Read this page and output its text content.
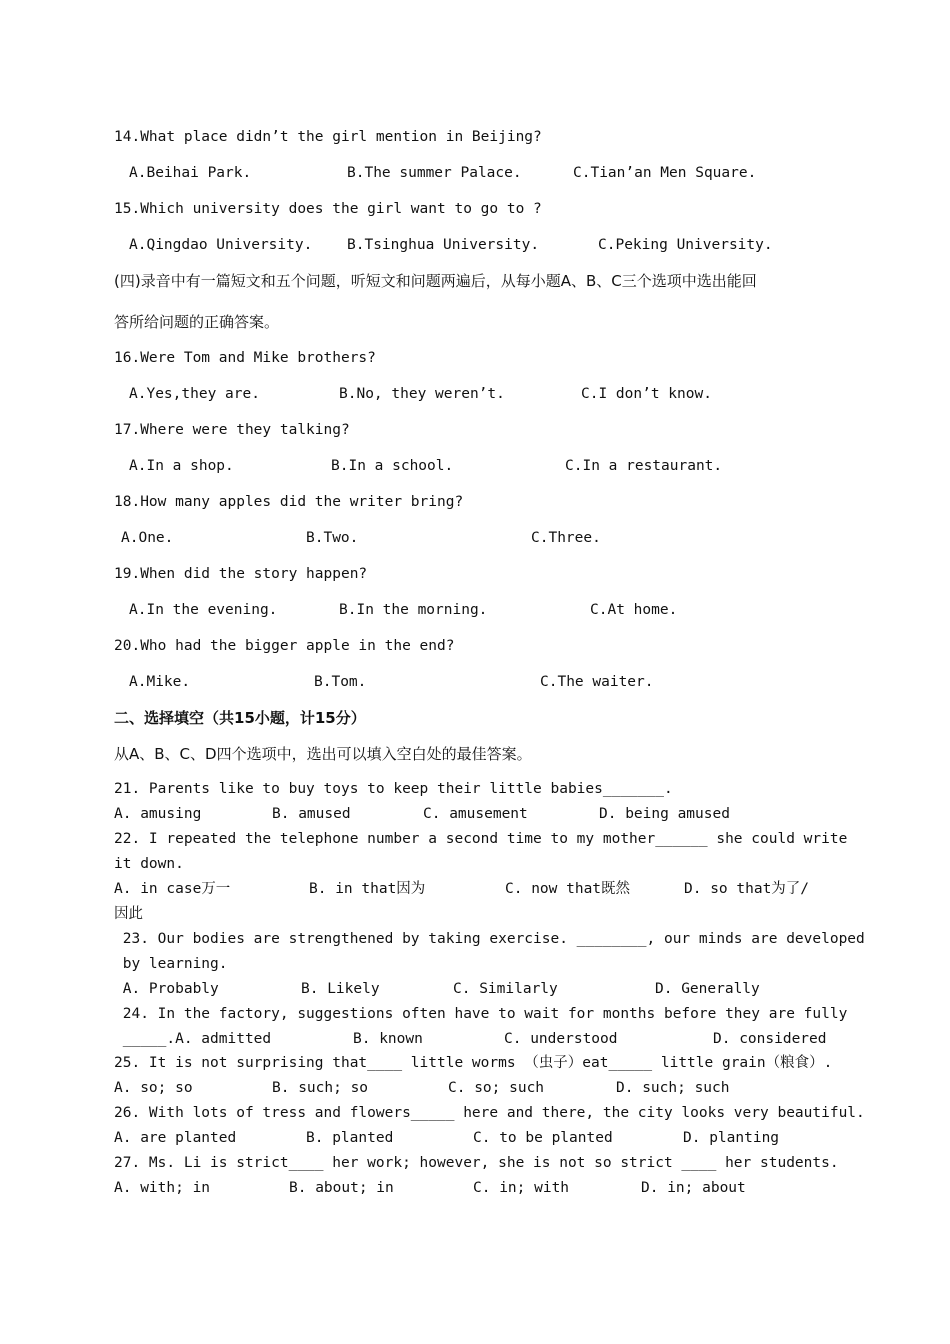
14.What place didn’t the girl mention in Beijing?
A.Beihai Park.	B.The summer Palace.	C.Tian’an Men Square.
15.Which university does the girl want to go to ?
A.Qingdao University. B.Tsinghua University.	C.Peking University.
(四)录音中有一篇短文和五个问题，听短文和问题两遍后，从每小题A、B、C三个选项中选出能回
答所给问题的正确答案。
16.Were Tom and Mike brothers?
A.Yes,they are.	B.No, they weren’t.	C.I don’t know.
17.Where were they talking?
A.In a shop.	B.In a school.	C.In a restaurant.
18.How many apples did the writer bring?
A.One.	B.Two.	C.Three.
19.When did the story happen?
A.In the evening.	B.In the morning.	C.At home.
20.Who had the bigger apple in the end?
A.Mike.	B.Tom.	C.The waiter.
二、选择填空（共15小题，计15分）
从A、B、C、D四个选项中，选出可以填入空白处的最佳答案。
21. Parents like to buy toys to keep their little babies_______.
A. amusing	B. amused	C. amusement	D. being amused
22. I repeated the telephone number a second time to my mother______ she could write
it down.
A. in case万一	B. in that因为	C. now that既然	D. so that为了/
因此
23. Our bodies are strengthened by taking exercise. ________, our minds are developed
by learning.
A. Probably	B. Likely	C. Similarly	D. Generally
24. In the factory, suggestions often have to wait for months before they are fully
_____.A. admitted	B. known	C. understood	D. considered
25. It is not surprising that____ little worms （虫子）eat_____ little grain（粮食）.
A. so; so	B. such; so	C. so; such	D. such; such
26. With lots of tress and flowers_____ here and there, the city looks very beautiful.
A. are planted	B. planted	C. to be planted	D. planting
27. Ms. Li is strict____ her work; however, she is not so strict ____ her students.
A. with; in	B. about; in	C. in; with	D. in; about
